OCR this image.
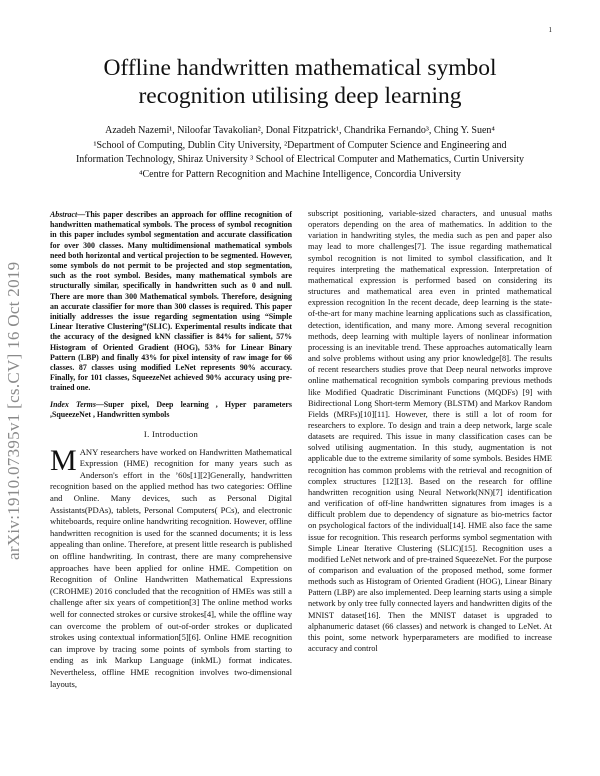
1
arXiv:1910.07395v1 [cs.CV] 16 Oct 2019
Offline handwritten mathematical symbol recognition utilising deep learning
Azadeh Nazemi¹, Niloofar Tavakolian², Donal Fitzpatrick¹, Chandrika Fernando³, Ching Y. Suen⁴
¹School of Computing, Dublin City University, ²Department of Computer Science and Engineering and
Information Technology, Shiraz University ³ School of Electrical Computer and Mathematics, Curtin University
⁴Centre for Pattern Recognition and Machine Intelligence, Concordia University

Abstract—This paper describes an approach for offline recognition of handwritten mathematical symbols. The process of symbol recognition in this paper includes symbol segmentation and accurate classification for over 300 classes. Many multidimensional mathematical symbols need both horizontal and vertical projection to be segmented. However, some symbols do not permit to be projected and stop segmentation, such as the root symbol. Besides, many mathematical symbols are structurally similar, specifically in handwritten such as 0 and null. There are more than 300 Mathematical symbols. Therefore, designing an accurate classifier for more than 300 classes is required. This paper initially addresses the issue regarding segmentation using “Simple Linear Iterative Clustering”(SLIC). Experimental results indicate that the accuracy of the designed kNN classifier is 84% for salient, 57% Histogram of Oriented Gradient (HOG), 53% for Linear Binary Pattern (LBP) and finally 43% for pixel intensity of raw image for 66 classes. 87 classes using modified LeNet represents 90% accuracy. Finally, for 101 classes, SqueezeNet achieved 90% accuracy using pre-trained one.

Index Terms—Super pixel, Deep learning , Hyper parameters ,SqueezeNet , Handwritten symbols

I. Introduction

MANY researchers have worked on Handwritten Mathematical Expression (HME) recognition for many years such as Anderson's effort in the ’60s[1][2]Generally, handwritten recognition based on the applied method has two categories: Offline and Online. Many devices, such as Personal Digital Assistants(PDAs), tablets, Personal Computers( PCs), and electronic whiteboards, require online handwriting recognition. However, offline handwritten recognition is used for the scanned documents; it is less appealing than online. Therefore, at present little research is published on offline handwriting. In contrast, there are many comprehensive approaches have been applied for online HME. Competition on Recognition of Online Handwritten Mathematical Expressions (CROHME) 2016 concluded that the recognition of HMEs was still a challenge after six years of competition[3] The online method works well for connected strokes or cursive strokes[4], while the offline way can overcome the problem of out-of-order strokes or duplicated strokes using contextual information[5][6]. Online HME recognition can improve by tracing some points of symbols from starting to ending as ink Markup Language (inkML) format indicates. Nevertheless, offline HME recognition involves two-dimensional layouts,

subscript positioning, variable-sized characters, and unusual maths operators depending on the area of mathematics. In addition to the variation in handwriting styles, the media such as pen and paper also may lead to more challenges[7]. The issue regarding mathematical symbol recognition is not limited to symbol classification, and It requires interpreting the mathematical expression. Interpretation of mathematical expression is performed based on considering its structures and mathematical area even in printed mathematical expression recognition In the recent decade, deep learning is the state-of-the-art for many machine learning applications such as classification, detection, identification, and many more. Among several recognition methods, deep learning with multiple layers of nonlinear information processing is an inevitable trend. These approaches automatically learn and solve problems without using any prior knowledge[8]. The results of recent researchers studies prove that Deep neural networks improve online mathematical recognition symbols comparing previous methods like Modified Quadratic Discriminant Functions (MQDFs) [9] with Bidirectional Long Short-term Memory (BLSTM) and Markov Random Fields (MRFs)[10][11]. However, there is still a lot of room for researchers to explore. To design and train a deep network, large scale datasets are required. This issue in many classification cases can be solved utilising augmentation. In this study, augmentation is not applicable due to the extreme similarity of some symbols. Besides HME recognition has common problems with the retrieval and recognition of complex structures [12][13]. Based on the research for offline handwritten recognition using Neural Network(NN)[7] identification and verification of off-line handwritten signatures from images is a difficult problem due to dependency of signature as bio-metrics factor on psychological factors of the individual[14]. HME also face the same issue for recognition. This research performs symbol segmentation with Simple Linear Iterative Clustering (SLIC)[15]. Recognition uses a modified LeNet network and of pre-trained SqueezeNet. For the purpose of comparison and evaluation of the proposed method, some former methods such as Histogram of Oriented Gradient (HOG), Linear Binary Pattern (LBP) are also implemented. Deep learning starts using a simple network by only tree fully connected layers and handwritten digits of the MNIST dataset[16]. Then the MNIST dataset is upgraded to alphanumeric dataset (66 classes) and network is changed to LeNet. At this point, some network hyperparameters are modified to increase accuracy and control
